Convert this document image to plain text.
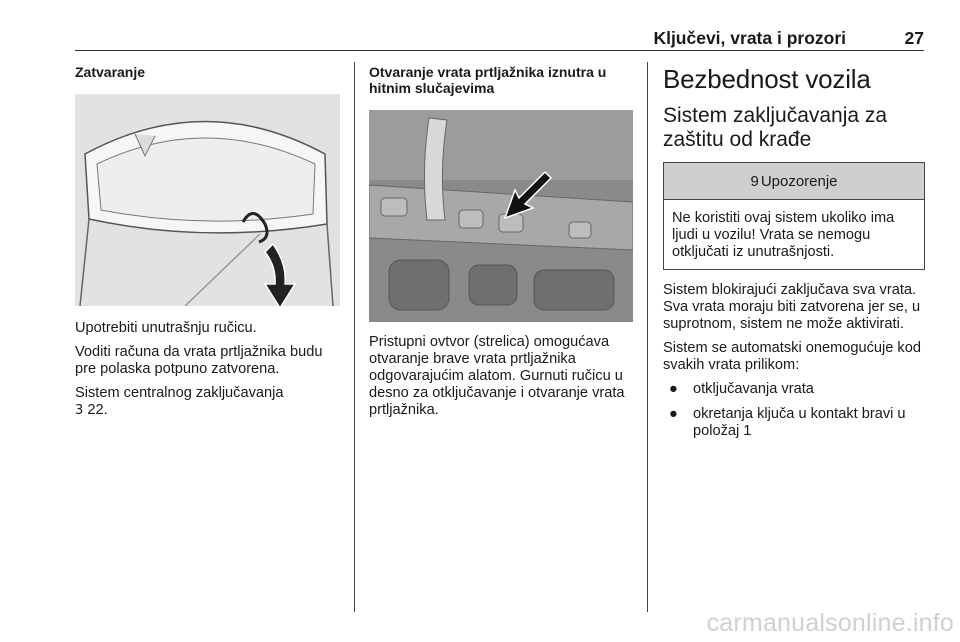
Ključevi, vrata i prozori	27
Zatvaranje

Upotrebiti unutrašnju ručicu.

Voditi računa da vrata prtljažnika budu pre polaska potpuno zatvorena.

Sistem centralnog zaključavanja

3 22.

Otvaranje vrata prtljažnika iznutra u hitnim slučajevima

Pristupni ovtvor (strelica) omogućava otvaranje brave vrata prtljažnika odgovarajućim alatom. Gurnuti ručicu u desno za otključavanje i otvaranje vrata prtljažnika.

Bezbednost vozila
Sistem zaključavanja za zaštitu od krađe
9 Upozorenje
Ne koristiti ovaj sistem ukoliko ima ljudi u vozilu! Vrata se nemogu otključati iz unutrašnjosti.

Sistem blokirajući zaključava sva vrata. Sva vrata moraju biti zatvorena jer se, u suprotnom, sistem ne može aktivirati.

Sistem se automatski onemogućuje kod svakih vrata prilikom:

● otključavanja vrata
● okretanja ključa u kontakt bravi u položaj 1
carmanualsonline.info
